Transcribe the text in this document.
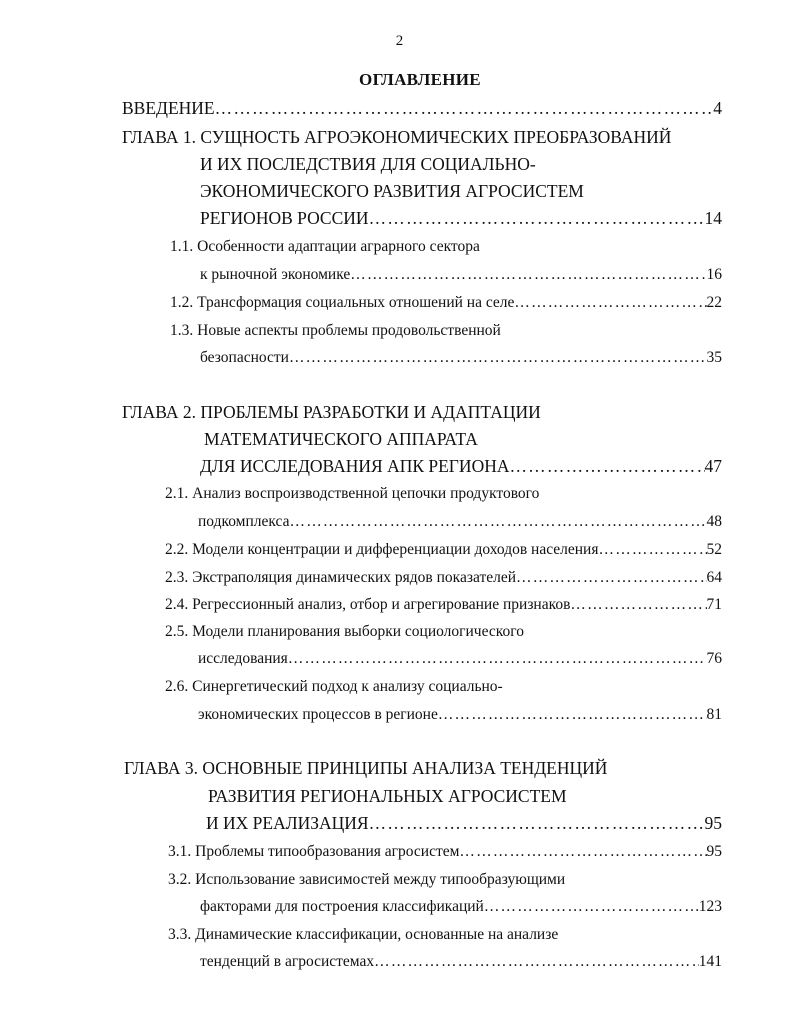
2
ОГЛАВЛЕНИЕ
ВВЕДЕНИЕ …………………………………………………………………………………………………………………………………………………………………………	4
ГЛАВА 1. СУЩНОСТЬ АГРОЭКОНОМИЧЕСКИХ ПРЕОБРАЗОВАНИЙ
И ИХ ПОСЛЕДСТВИЯ ДЛЯ СОЦИАЛЬНО-
ЭКОНОМИЧЕСКОГО РАЗВИТИЯ АГРОСИСТЕМ
РЕГИОНОВ РОССИИ …………………………………………………………………………………………………………………………………………………………………………	14
1.1. Особенности адаптации аграрного сектора
к рыночной экономике …………………………………………………………………………………………………………………………………………………………………………	16
1.2. Трансформация социальных отношений на селе …………………………………………………………………………………………………………………………………………………………………………	22
1.3. Новые аспекты проблемы продовольственной
безопасности …………………………………………………………………………………………………………………………………………………………………………	35
ГЛАВА 2. ПРОБЛЕМЫ РАЗРАБОТКИ И АДАПТАЦИИ
МАТЕМАТИЧЕСКОГО АППАРАТА
ДЛЯ ИССЛЕДОВАНИЯ АПК РЕГИОНА …………………………………………………………………………………………………………………………………………………………………………	47
2.1. Анализ воспроизводственной цепочки продуктового
подкомплекса …………………………………………………………………………………………………………………………………………………………………………	48
2.2. Модели концентрации и дифференциации доходов населения …………………………………………………………………………………………………………………………………………………………………………	52
2.3. Экстраполяция динамических рядов показателей …………………………………………………………………………………………………………………………………………………………………………	64
2.4. Регрессионный анализ, отбор и агрегирование признаков …………………………………………………………………………………………………………………………………………………………………………	71
2.5. Модели планирования выборки социологического
исследования …………………………………………………………………………………………………………………………………………………………………………	76
2.6. Синергетический подход к анализу социально-
экономических процессов в регионе …………………………………………………………………………………………………………………………………………………………………………	81
ГЛАВА 3. ОСНОВНЫЕ ПРИНЦИПЫ АНАЛИЗА ТЕНДЕНЦИЙ
РАЗВИТИЯ РЕГИОНАЛЬНЫХ АГРОСИСТЕМ
И ИХ РЕАЛИЗАЦИЯ …………………………………………………………………………………………………………………………………………………………………………	95
3.1. Проблемы типообразования агросистем …………………………………………………………………………………………………………………………………………………………………………	95
3.2. Использование зависимостей между типообразующими
факторами для построения классификаций …………………………………………………………………………………………………………………………………………………………………………	123
3.3. Динамические классификации, основанные на анализе
тенденций в агросистемах …………………………………………………………………………………………………………………………………………………………………………	141
